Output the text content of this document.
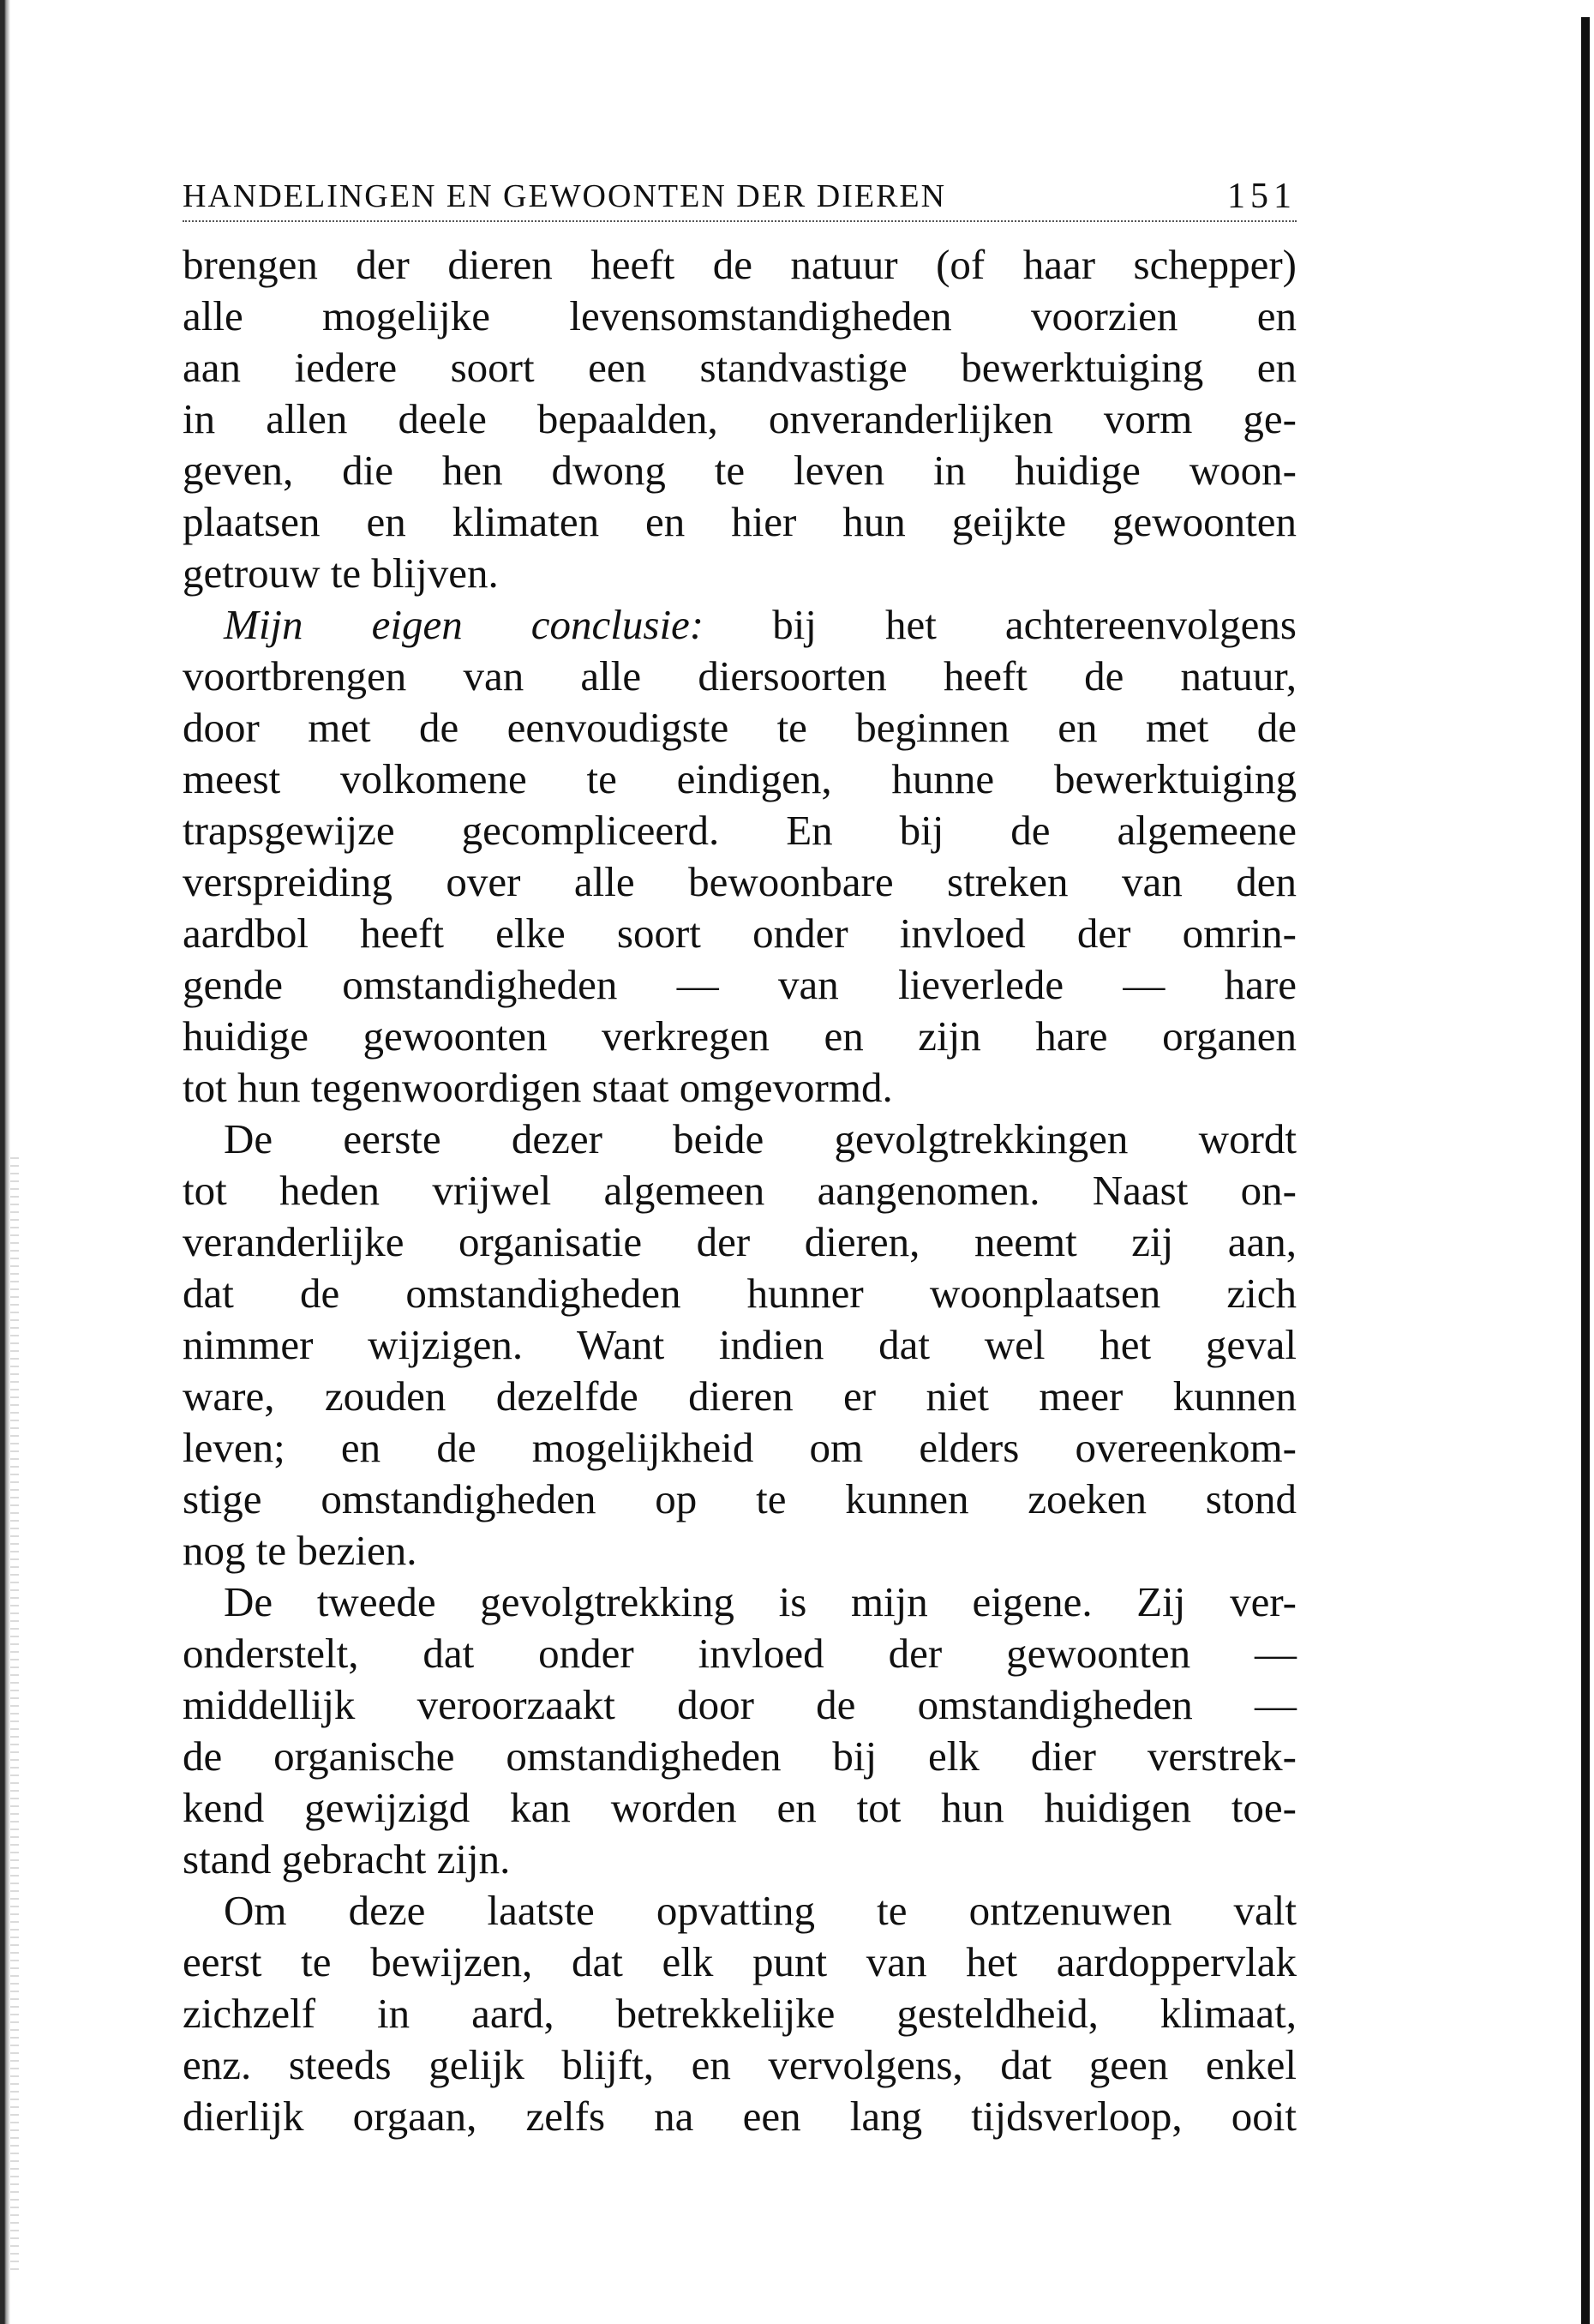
HANDELINGEN EN GEWOONTEN DER DIEREN	151
brengen der dieren heeft de natuur (of haar schepper)
alle mogelijke levensomstandigheden voorzien en
aan iedere soort een standvastige bewerktuiging en
in allen deele bepaalden, onveranderlijken vorm ge-
geven, die hen dwong te leven in huidige woon-
plaatsen en klimaten en hier hun geijkte gewoonten
getrouw te blijven.
Mijn eigen conclusie: bij het achtereenvolgens
voortbrengen van alle diersoorten heeft de natuur,
door met de eenvoudigste te beginnen en met de
meest volkomene te eindigen, hunne bewerktuiging
trapsgewijze gecompliceerd. En bij de algemeene
verspreiding over alle bewoonbare streken van den
aardbol heeft elke soort onder invloed der omrin-
gende omstandigheden — van lieverlede — hare
huidige gewoonten verkregen en zijn hare organen
tot hun tegenwoordigen staat omgevormd.
De eerste dezer beide gevolgtrekkingen wordt
tot heden vrijwel algemeen aangenomen. Naast on-
veranderlijke organisatie der dieren, neemt zij aan,
dat de omstandigheden hunner woonplaatsen zich
nimmer wijzigen. Want indien dat wel het geval
ware, zouden dezelfde dieren er niet meer kunnen
leven; en de mogelijkheid om elders overeenkom-
stige omstandigheden op te kunnen zoeken stond
nog te bezien.
De tweede gevolgtrekking is mijn eigene. Zij ver-
onderstelt, dat onder invloed der gewoonten —
middellijk veroorzaakt door de omstandigheden —
de organische omstandigheden bij elk dier verstrek-
kend gewijzigd kan worden en tot hun huidigen toe-
stand gebracht zijn.
Om deze laatste opvatting te ontzenuwen valt
eerst te bewijzen, dat elk punt van het aardoppervlak
zichzelf in aard, betrekkelijke gesteldheid, klimaat,
enz. steeds gelijk blijft, en vervolgens, dat geen enkel
dierlijk orgaan, zelfs na een lang tijdsverloop, ooit
